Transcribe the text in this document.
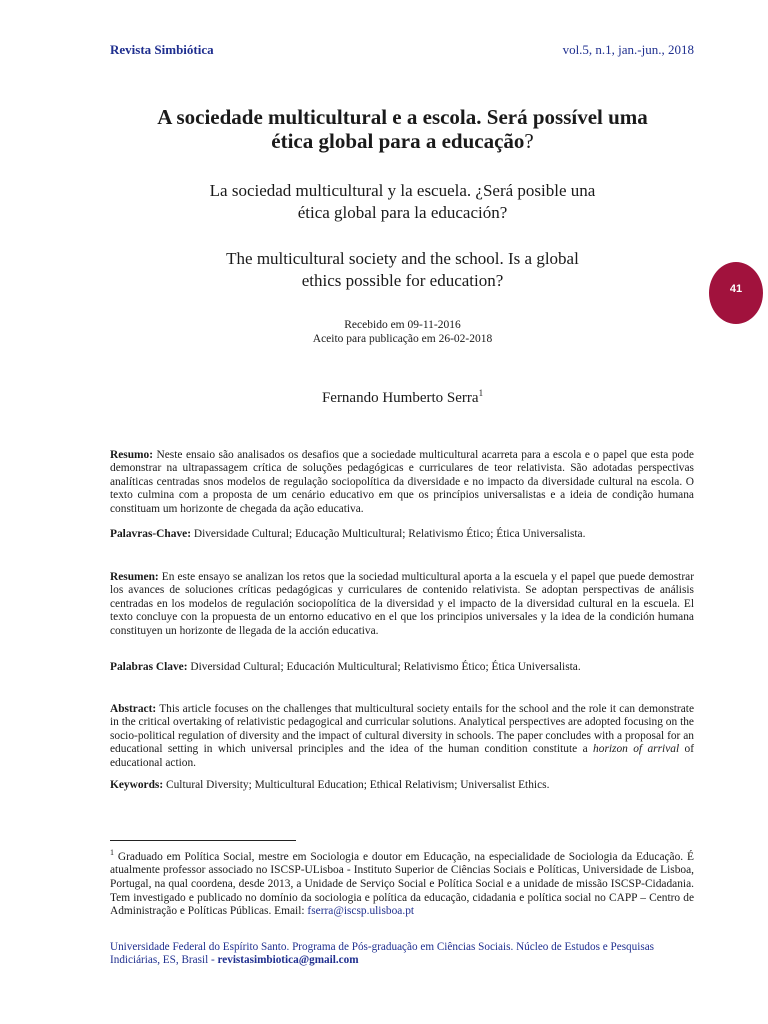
Revista Simbiótica	vol.5, n.1, jan.-jun., 2018
A sociedade multicultural e a escola. Será possível uma
ética global para a educação?
La sociedad multicultural y la escuela. ¿Será posible una
ética global para la educación?
The multicultural society and the school. Is a global
ethics possible for education?
Recebido em 09-11-2016
Aceito para publicação em 26-02-2018
Fernando Humberto Serra$^1$
41
Resumo: Neste ensaio são analisados os desafios que a sociedade multicultural acarreta para a escola e o papel que esta pode demonstrar na ultrapassagem crítica de soluções pedagógicas e curriculares de teor relativista. São adotadas perspectivas analíticas centradas snos modelos de regulação sociopolítica da diversidade e no impacto da diversidade cultural na escola. O texto culmina com a proposta de um cenário educativo em que os princípios universalistas e a ideia de condição humana constituam um horizonte de chegada da ação educativa.
Palavras-Chave: Diversidade Cultural; Educação Multicultural; Relativismo Ético; Ética Universalista.
Resumen: En este ensayo se analizan los retos que la sociedad multicultural aporta a la escuela y el papel que puede demostrar los avances de soluciones críticas pedagógicas y curriculares de contenido relativista. Se adoptan perspectivas de análisis centradas en los modelos de regulación sociopolítica de la diversidad y el impacto de la diversidad cultural en la escuela. El texto concluye con la propuesta de un entorno educativo en el que los principios universales y la idea de la condición humana constituyen un horizonte de llegada de la acción educativa.
Palabras Clave: Diversidad Cultural; Educación Multicultural; Relativismo Ético; Ética Universalista.
Abstract: This article focuses on the challenges that multicultural society entails for the school and the role it can demonstrate in the critical overtaking of relativistic pedagogical and curricular solutions. Analytical perspectives are adopted focusing on the socio-political regulation of diversity and the impact of cultural diversity in schools. The paper concludes with a proposal for an educational setting in which universal principles and the idea of the human condition constitute a horizon of arrival of educational action.
Keywords: Cultural Diversity; Multicultural Education; Ethical Relativism; Universalist Ethics.
$^1$ Graduado em Política Social, mestre em Sociologia e doutor em Educação, na especialidade de Sociologia da Educação. É atualmente professor associado no ISCSP-ULisboa - Instituto Superior de Ciências Sociais e Políticas, Universidade de Lisboa, Portugal, na qual coordena, desde 2013, a Unidade de Serviço Social e Política Social e a unidade de missão ISCSP-Cidadania. Tem investigado e publicado no domínio da sociologia e política da educação, cidadania e política social no CAPP – Centro de Administração e Políticas Públicas. Email: fserra@iscsp.ulisboa.pt
Universidade Federal do Espírito Santo. Programa de Pós-graduação em Ciências Sociais. Núcleo de Estudos e Pesquisas Indiciárias, ES, Brasil - revistasimbiotica@gmail.com
